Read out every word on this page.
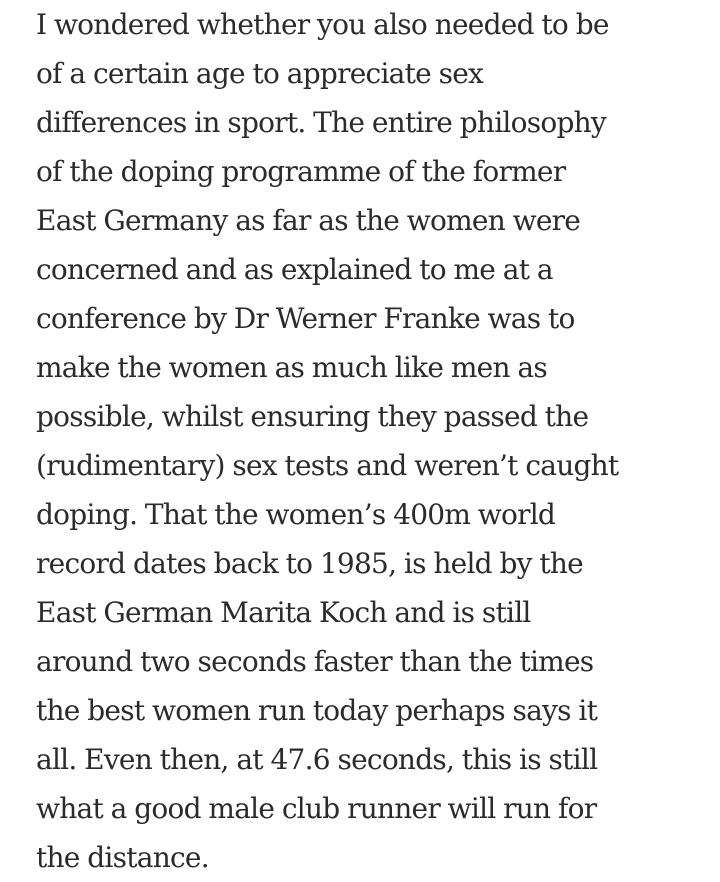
I wondered whether you also needed to be
of a certain age to appreciate sex
differences in sport. The entire philosophy
of the doping programme of the former
East Germany as far as the women were
concerned and as explained to me at a
conference by Dr Werner Franke was to
make the women as much like men as
possible, whilst ensuring they passed the
(rudimentary) sex tests and weren’t caught
doping. That the women’s 400m world
record dates back to 1985, is held by the
East German Marita Koch and is still
around two seconds faster than the times
the best women run today perhaps says it
all. Even then, at 47.6 seconds, this is still
what a good male club runner will run for
the distance.
